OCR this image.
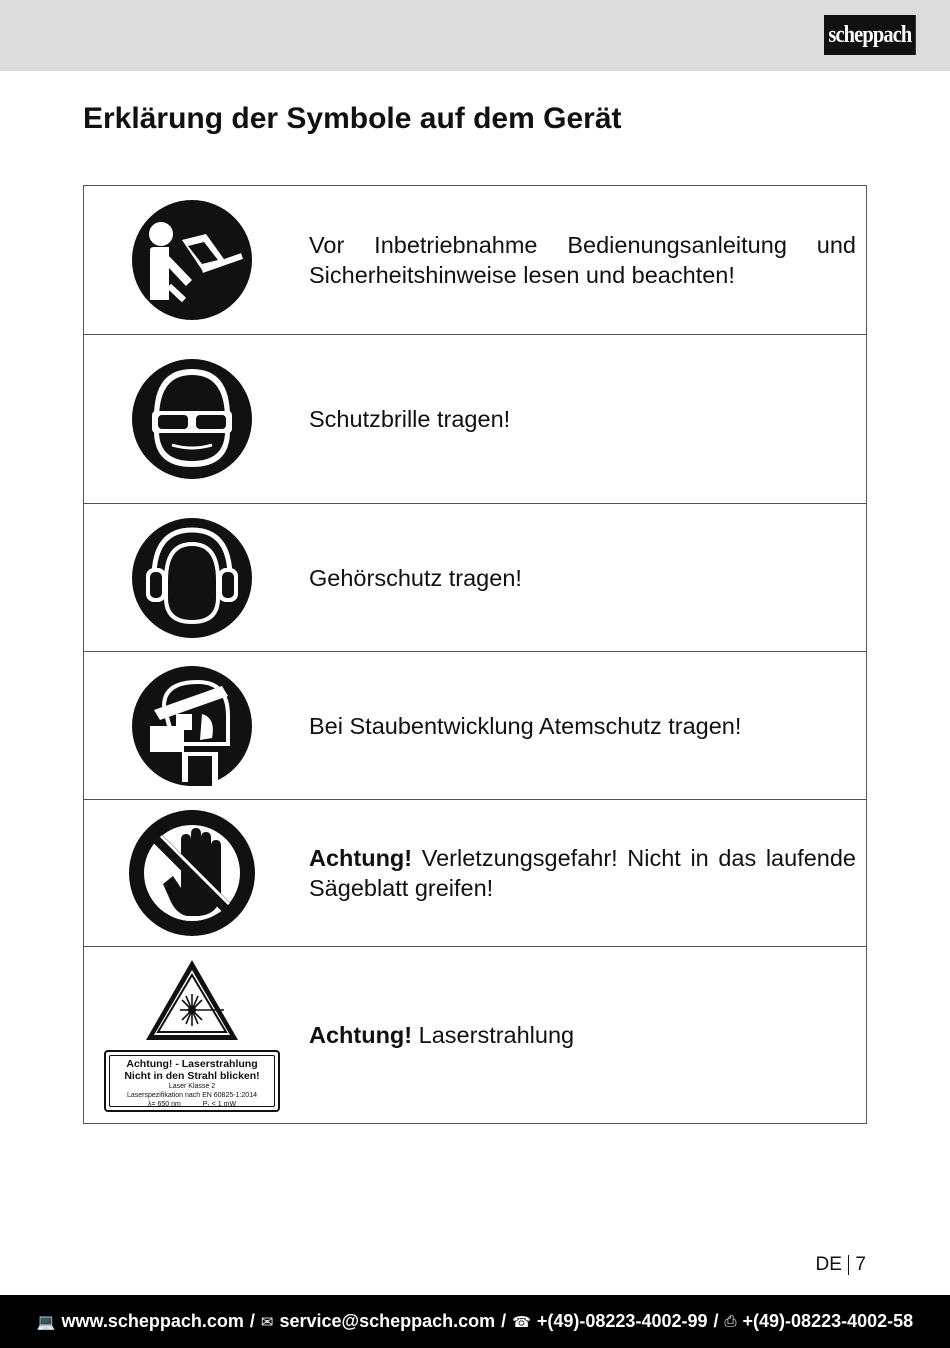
scheppach
Erklärung der Symbole auf dem Gerät
Vor Inbetriebnahme Bedienungsanleitung und Sicherheitshinweise lesen und beachten!
Schutzbrille tragen!
Gehörschutz tragen!
Bei Staubentwicklung Atemschutz tragen!
Achtung! Verletzungsgefahr! Nicht in das laufende Sägeblatt greifen!
Achtung! - Laserstrahlung
Nicht in den Strahl blicken!
Laser Klasse 2
Laserspezifikation nach EN 60825-1:2014
λ= 650 nm	P₁ < 1 mW
Achtung! Laserstrahlung
DE 7
💻 www.scheppach.com / ✉ service@scheppach.com / ☎ +(49)-08223-4002-99 / ⎙ +(49)-08223-4002-58
